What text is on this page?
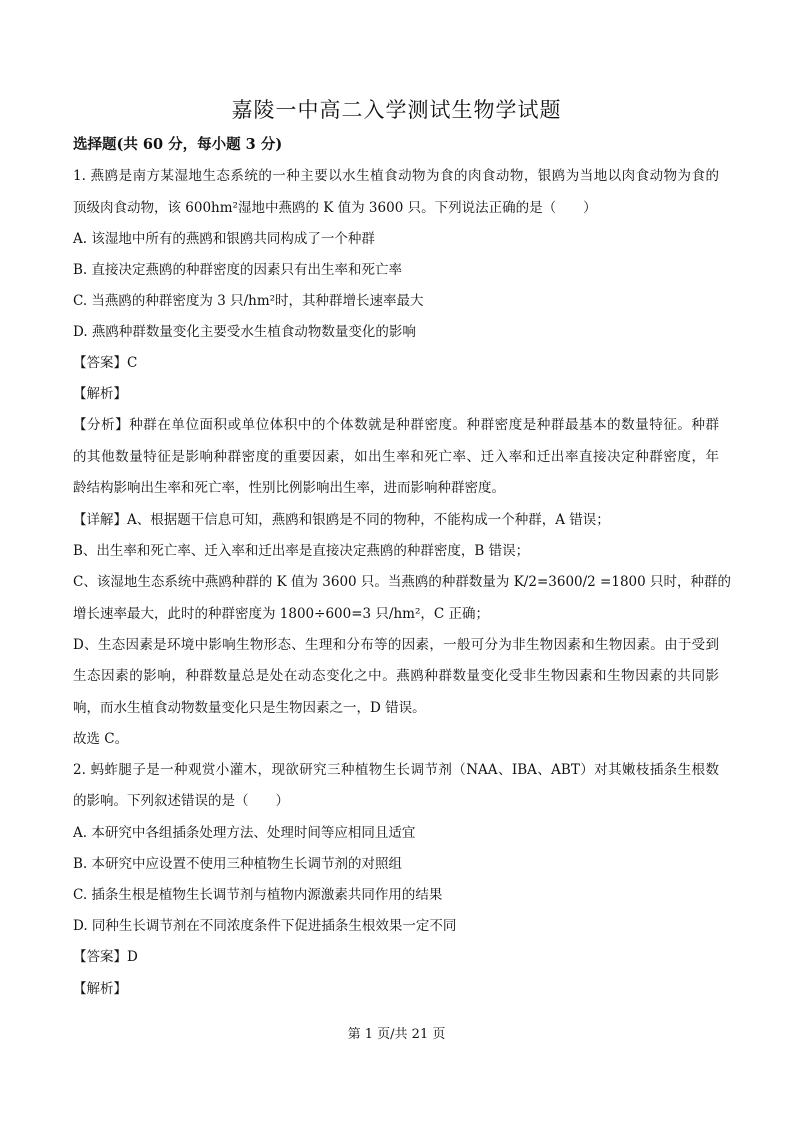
嘉陵一中高二入学测试生物学试题
选择题(共 60 分，每小题 3 分)
1. 燕鸥是南方某湿地生态系统的一种主要以水生植食动物为食的肉食动物，银鸥为当地以肉食动物为食的
顶级肉食动物，该 600hm²湿地中燕鸥的 K 值为 3600 只。下列说法正确的是（　　）
A. 该湿地中所有的燕鸥和银鸥共同构成了一个种群
B. 直接决定燕鸥的种群密度的因素只有出生率和死亡率
C. 当燕鸥的种群密度为 3 只/hm²时，其种群增长速率最大
D. 燕鸥种群数量变化主要受水生植食动物数量变化的影响
【答案】C
【解析】
【分析】种群在单位面积或单位体积中的个体数就是种群密度。种群密度是种群最基本的数量特征。种群
的其他数量特征是影响种群密度的重要因素，如出生率和死亡率、迁入率和迁出率直接决定种群密度，年
龄结构影响出生率和死亡率，性别比例影响出生率，进而影响种群密度。
【详解】A、根据题干信息可知，燕鸥和银鸥是不同的物种，不能构成一个种群，A 错误；
B、出生率和死亡率、迁入率和迁出率是直接决定燕鸥的种群密度，B 错误；
C、该湿地生态系统中燕鸥种群的 K 值为 3600 只。当燕鸥的种群数量为 K/2=3600/2 =1800 只时，种群的
增长速率最大，此时的种群密度为 1800÷600=3 只/hm²，C 正确；
D、生态因素是环境中影响生物形态、生理和分布等的因素，一般可分为非生物因素和生物因素。由于受到
生态因素的影响，种群数量总是处在动态变化之中。燕鸥种群数量变化受非生物因素和生物因素的共同影
响，而水生植食动物数量变化只是生物因素之一，D 错误。
故选 C。
2. 蚂蚱腿子是一种观赏小灌木，现欲研究三种植物生长调节剂（NAA、IBA、ABT）对其嫩枝插条生根数
的影响。下列叙述错误的是（　　）
A. 本研究中各组插条处理方法、处理时间等应相同且适宜
B. 本研究中应设置不使用三种植物生长调节剂的对照组
C. 插条生根是植物生长调节剂与植物内源激素共同作用的结果
D. 同种生长调节剂在不同浓度条件下促进插条生根效果一定不同
【答案】D
【解析】
第 1 页/共 21 页
